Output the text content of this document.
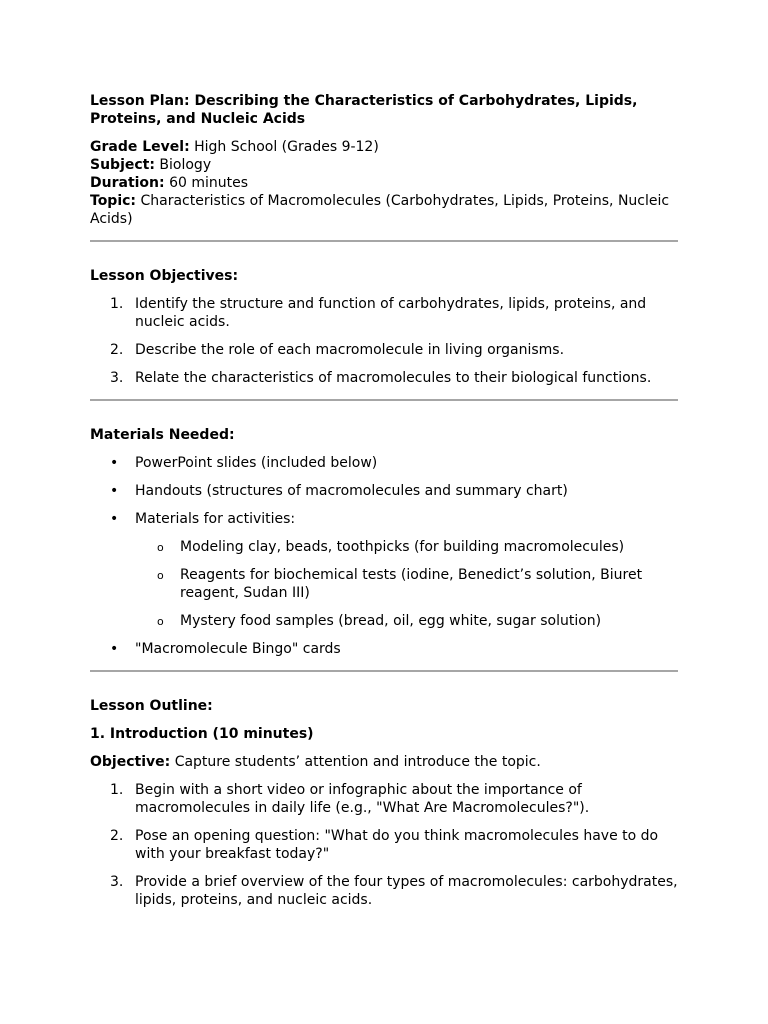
Lesson Plan: Describing the Characteristics of Carbohydrates, Lipids, Proteins, and Nucleic Acids

Grade Level: High School (Grades 9-12)

Subject: Biology

Duration: 60 minutes

Topic: Characteristics of Macromolecules (Carbohydrates, Lipids, Proteins, Nucleic Acids)

Lesson Objectives:

1. Identify the structure and function of carbohydrates, lipids, proteins, and nucleic acids.
2. Describe the role of each macromolecule in living organisms.
3. Relate the characteristics of macromolecules to their biological functions.

Materials Needed:

• PowerPoint slides (included below)
• Handouts (structures of macromolecules and summary chart)
• Materials for activities:
o Modeling clay, beads, toothpicks (for building macromolecules)
o Reagents for biochemical tests (iodine, Benedict’s solution, Biuret reagent, Sudan III)
o Mystery food samples (bread, oil, egg white, sugar solution)
• "Macromolecule Bingo" cards

Lesson Outline:

1. Introduction (10 minutes)

Objective: Capture students’ attention and introduce the topic.

1. Begin with a short video or infographic about the importance of macromolecules in daily life (e.g., "What Are Macromolecules?").
2. Pose an opening question: "What do you think macromolecules have to do with your breakfast today?"
3. Provide a brief overview of the four types of macromolecules: carbohydrates, lipids, proteins, and nucleic acids.
